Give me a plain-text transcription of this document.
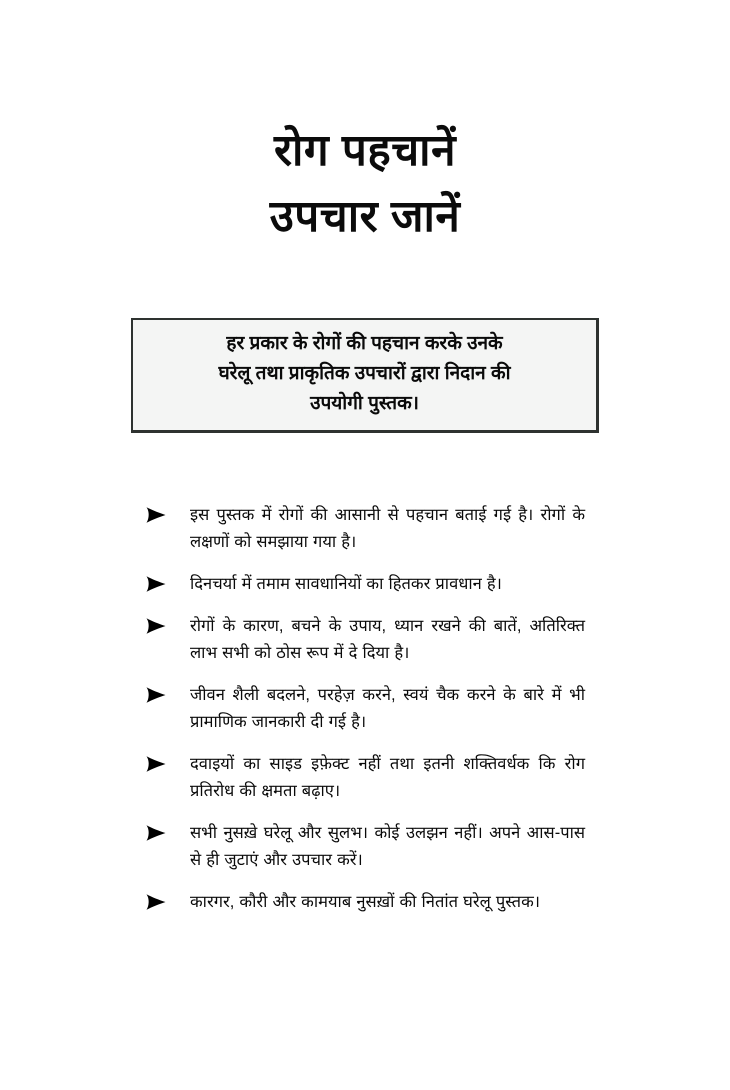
रोग पहचानें
उपचार जानें
हर प्रकार के रोगों की पहचान करके उनके
घरेलू तथा प्राकृतिक उपचारों द्वारा निदान की
उपयोगी पुस्तक।
इस पुस्तक में रोगों की आसानी से पहचान बताई गई है। रोगों के लक्षणों को समझाया गया है।
दिनचर्या में तमाम सावधानियों का हितकर प्रावधान है।
रोगों के कारण, बचने के उपाय, ध्यान रखने की बातें, अतिरिक्त लाभ सभी को ठोस रूप में दे दिया है।
जीवन शैली बदलने, परहेज़ करने, स्वयं चैक करने के बारे में भी प्रामाणिक जानकारी दी गई है।
दवाइयों का साइड इफ़ेक्ट नहीं तथा इतनी शक्तिवर्धक कि रोग प्रतिरोध की क्षमता बढ़ाए।
सभी नुसख़े घरेलू और सुलभ। कोई उलझन नहीं। अपने आस-पास से ही जुटाएं और उपचार करें।
कारगर, कौरी और कामयाब नुसख़ों की नितांत घरेलू पुस्तक।
